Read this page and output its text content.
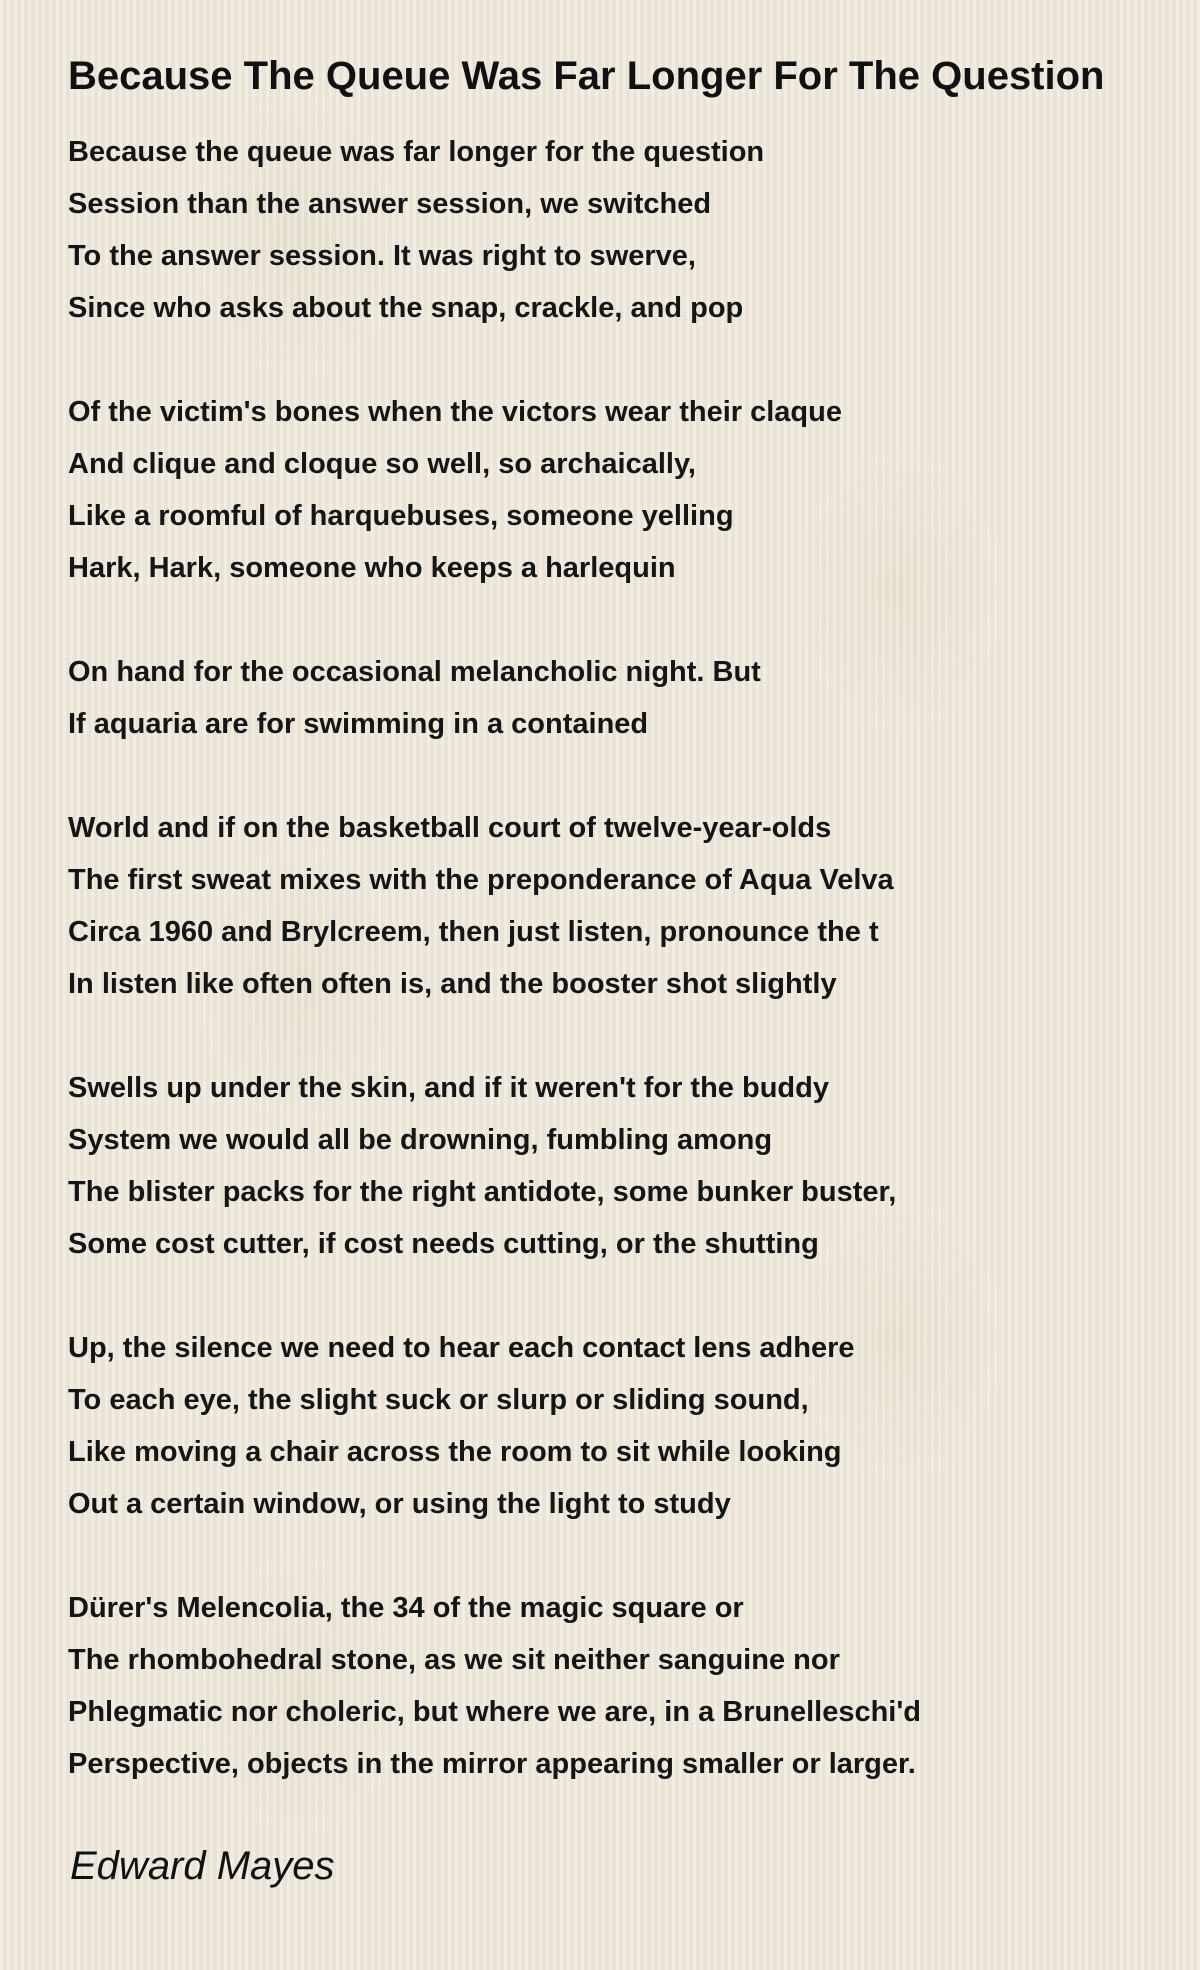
Because The Queue Was Far Longer For The Question
Because the queue was far longer for the question
Session than the answer session, we switched
To the answer session. It was right to swerve,
Since who asks about the snap, crackle, and pop
Of the victim's bones when the victors wear their claque
And clique and cloque so well, so archaically,
Like a roomful of harquebuses, someone yelling
Hark, Hark, someone who keeps a harlequin
On hand for the occasional melancholic night. But
If aquaria are for swimming in a contained
World and if on the basketball court of twelve-year-olds
The first sweat mixes with the preponderance of Aqua Velva
Circa 1960 and Brylcreem, then just listen, pronounce the t
In listen like often often is, and the booster shot slightly
Swells up under the skin, and if it weren't for the buddy
System we would all be drowning, fumbling among
The blister packs for the right antidote, some bunker buster,
Some cost cutter, if cost needs cutting, or the shutting
Up, the silence we need to hear each contact lens adhere
To each eye, the slight suck or slurp or sliding sound,
Like moving a chair across the room to sit while looking
Out a certain window, or using the light to study
Dürer's Melencolia, the 34 of the magic square or
The rhombohedral stone, as we sit neither sanguine nor
Phlegmatic nor choleric, but where we are, in a Brunelleschi'd
Perspective, objects in the mirror appearing smaller or larger.
Edward Mayes
